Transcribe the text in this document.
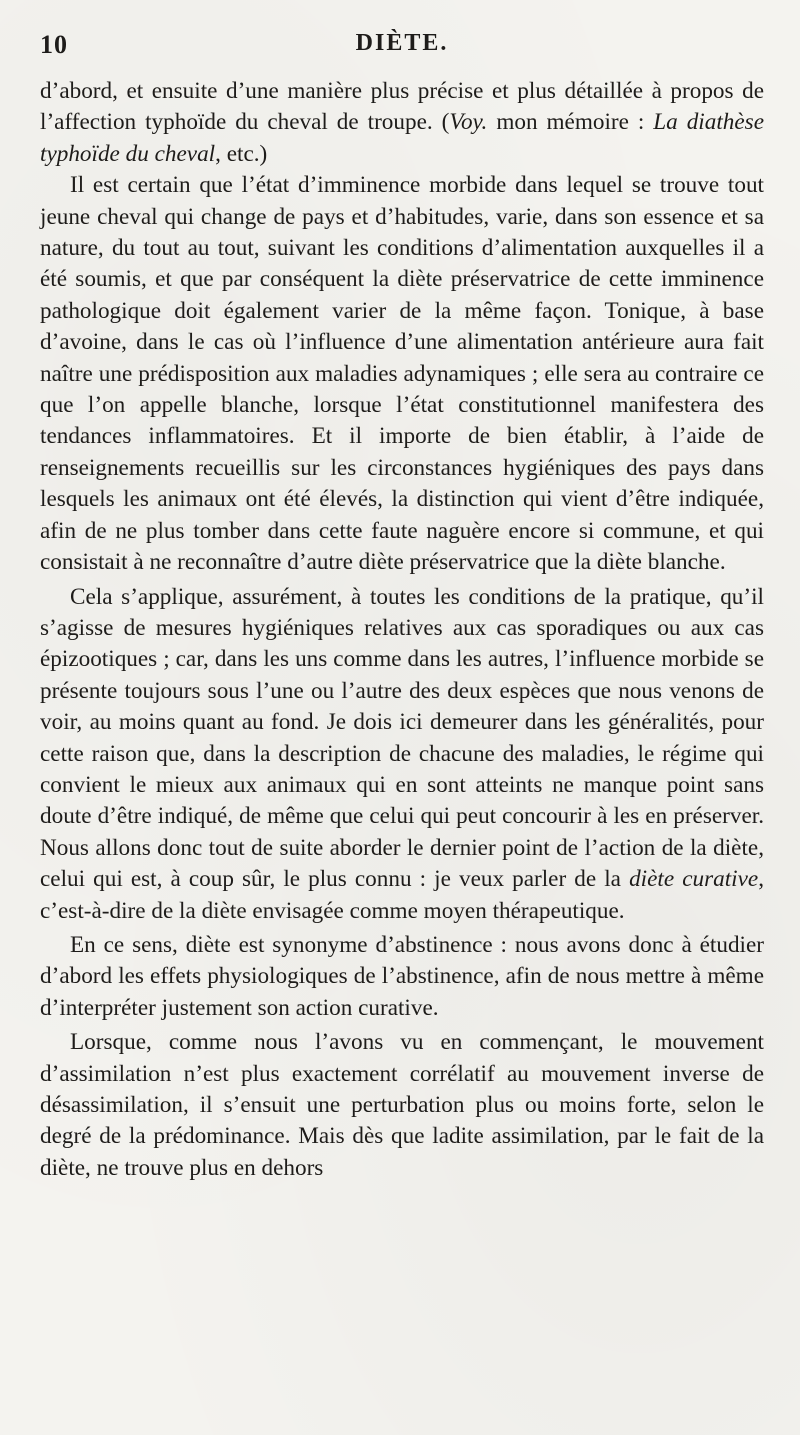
10	DIÈTE.

d’abord, et ensuite d’une manière plus précise et plus détaillée à propos de l’affection typhoïde du cheval de troupe. (Voy. mon mémoire : La diathèse typhoïde du cheval, etc.)

Il est certain que l’état d’imminence morbide dans lequel se trouve tout jeune cheval qui change de pays et d’habitudes, varie, dans son essence et sa nature, du tout au tout, suivant les conditions d’alimentation auxquelles il a été soumis, et que par conséquent la diète préservatrice de cette imminence pathologique doit également varier de la même façon. Tonique, à base d’avoine, dans le cas où l’influence d’une alimentation antérieure aura fait naître une prédisposition aux maladies adynamiques ; elle sera au contraire ce que l’on appelle blanche, lorsque l’état constitutionnel manifestera des tendances inflammatoires. Et il importe de bien établir, à l’aide de renseignements recueillis sur les circonstances hygiéniques des pays dans lesquels les animaux ont été élevés, la distinction qui vient d’être indiquée, afin de ne plus tomber dans cette faute naguère encore si commune, et qui consistait à ne reconnaître d’autre diète préservatrice que la diète blanche.

Cela s’applique, assurément, à toutes les conditions de la pratique, qu’il s’agisse de mesures hygiéniques relatives aux cas sporadiques ou aux cas épizootiques ; car, dans les uns comme dans les autres, l’influence morbide se présente toujours sous l’une ou l’autre des deux espèces que nous venons de voir, au moins quant au fond. Je dois ici demeurer dans les généralités, pour cette raison que, dans la description de chacune des maladies, le régime qui convient le mieux aux animaux qui en sont atteints ne manque point sans doute d’être indiqué, de même que celui qui peut concourir à les en préserver. Nous allons donc tout de suite aborder le dernier point de l’action de la diète, celui qui est, à coup sûr, le plus connu : je veux parler de la diète curative, c’est-à-dire de la diète envisagée comme moyen thérapeutique.

En ce sens, diète est synonyme d’abstinence : nous avons donc à étudier d’abord les effets physiologiques de l’abstinence, afin de nous mettre à même d’interpréter justement son action curative.

Lorsque, comme nous l’avons vu en commençant, le mouvement d’assimilation n’est plus exactement corrélatif au mouvement inverse de désassimilation, il s’ensuit une perturbation plus ou moins forte, selon le degré de la prédominance. Mais dès que ladite assimilation, par le fait de la diète, ne trouve plus en dehors
